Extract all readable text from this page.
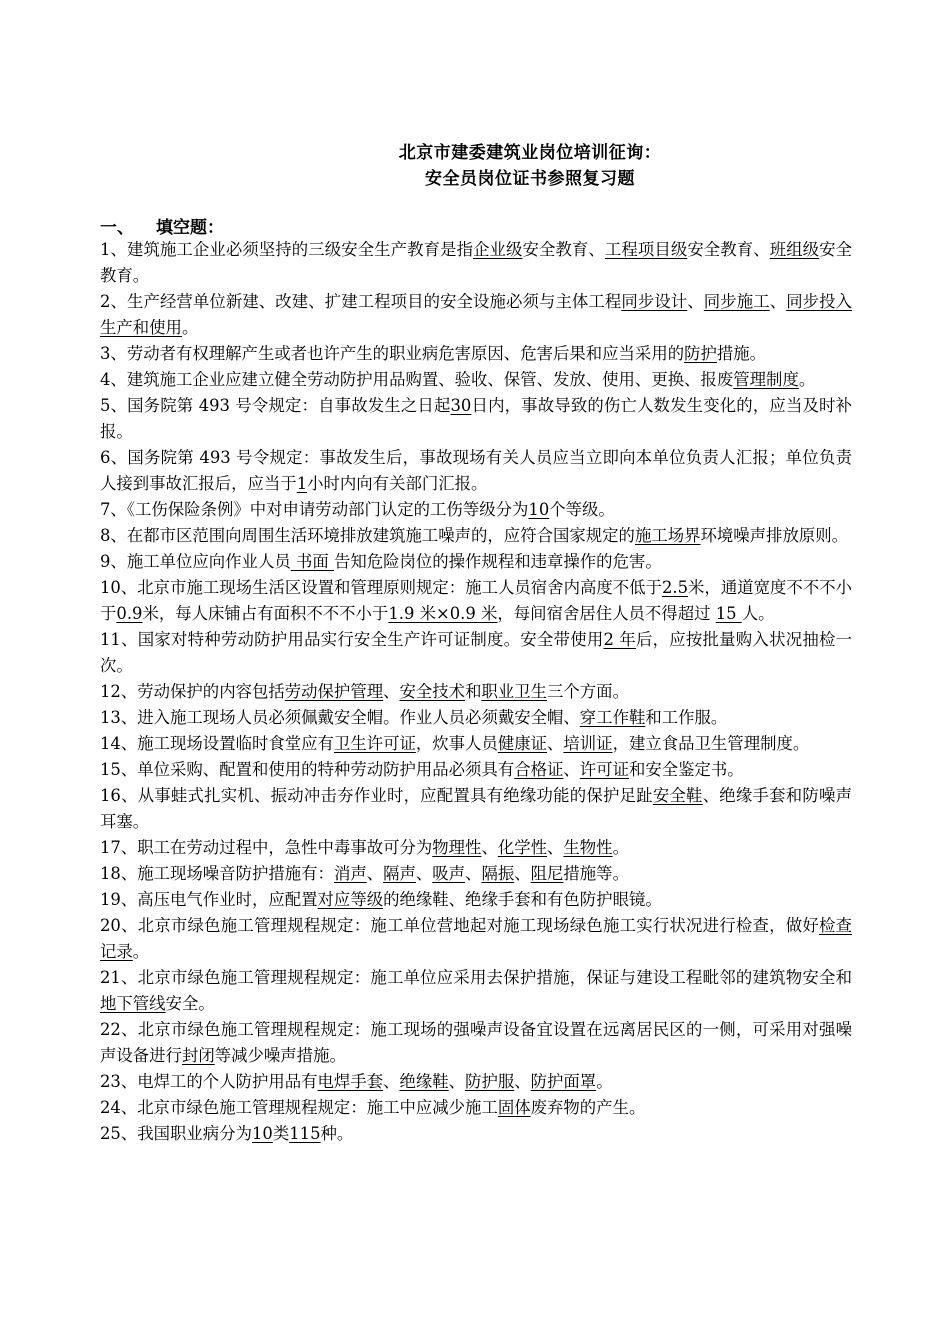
北京市建委建筑业岗位培训征询：
安全员岗位证书参照复习题
一、 填空题：

1、建筑施工企业必须坚持的三级安全生产教育是指企业级安全教育、工程项目级安全教育、班组级安全教育。

2、生产经营单位新建、改建、扩建工程项目的安全设施必须与主体工程同步设计、同步施工、同步投入生产和使用。

3、劳动者有权理解产生或者也许产生的职业病危害原因、危害后果和应当采用的防护措施。

4、建筑施工企业应建立健全劳动防护用品购置、验收、保管、发放、使用、更换、报废管理制度。

5、国务院第 493 号令规定：自事故发生之日起30日内，事故导致的伤亡人数发生变化的，应当及时补报。

6、国务院第 493 号令规定：事故发生后，事故现场有关人员应当立即向本单位负责人汇报；单位负责人接到事故汇报后，应当于1小时内向有关部门汇报。

7、《工伤保险条例》中对申请劳动部门认定的工伤等级分为10个等级。

8、在都市区范围向周围生活环境排放建筑施工噪声的，应符合国家规定的施工场界环境噪声排放原则。

9、施工单位应向作业人员 书面 告知危险岗位的操作规程和违章操作的危害。

10、北京市施工现场生活区设置和管理原则规定：施工人员宿舍内高度不低于2.5米，通道宽度不不不小于0.9米，每人床铺占有面积不不不小于1.9 米×0.9 米，每间宿舍居住人员不得超过 15 人。

11、国家对特种劳动防护用品实行安全生产许可证制度。安全带使用2 年后，应按批量购入状况抽检一次。

12、劳动保护的内容包括劳动保护管理、安全技术和职业卫生三个方面。

13、进入施工现场人员必须佩戴安全帽。作业人员必须戴安全帽、穿工作鞋和工作服。

14、施工现场设置临时食堂应有卫生许可证，炊事人员健康证、培训证，建立食品卫生管理制度。

15、单位采购、配置和使用的特种劳动防护用品必须具有合格证、许可证和安全鉴定书。

16、从事蛙式扎实机、振动冲击夯作业时，应配置具有绝缘功能的保护足趾安全鞋、绝缘手套和防噪声耳塞。

17、职工在劳动过程中，急性中毒事故可分为物理性、化学性、生物性。

18、施工现场噪音防护措施有：消声、隔声、吸声、隔振、阻尼措施等。

19、高压电气作业时，应配置对应等级的绝缘鞋、绝缘手套和有色防护眼镜。

20、北京市绿色施工管理规程规定：施工单位营地起对施工现场绿色施工实行状况进行检查，做好检查记录。

21、北京市绿色施工管理规程规定：施工单位应采用去保护措施，保证与建设工程毗邻的建筑物安全和地下管线安全。

22、北京市绿色施工管理规程规定：施工现场的强噪声设备宜设置在远离居民区的一侧，可采用对强噪声设备进行封闭等减少噪声措施。

23、电焊工的个人防护用品有电焊手套、绝缘鞋、防护服、防护面罩。

24、北京市绿色施工管理规程规定：施工中应减少施工固体废弃物的产生。

25、我国职业病分为10类115种。
